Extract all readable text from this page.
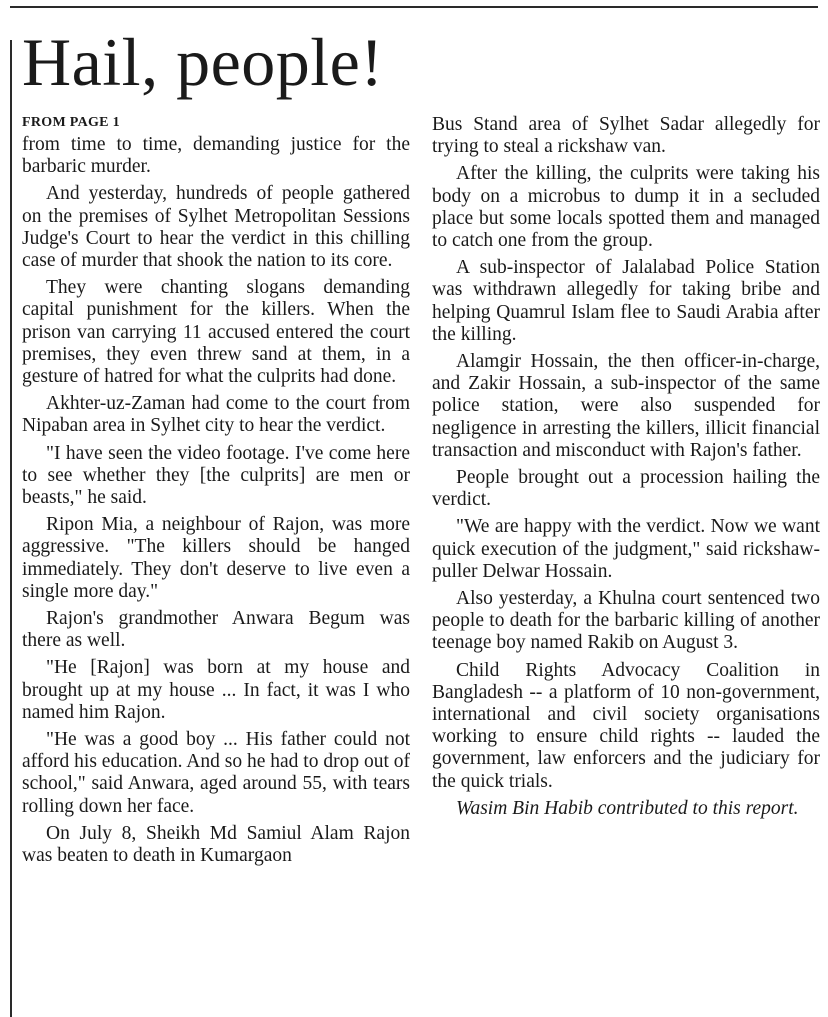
Hail, people!
FROM PAGE 1

from time to time, demanding justice for the barbaric murder.

And yesterday, hundreds of people gathered on the premises of Sylhet Metropolitan Sessions Judge's Court to hear the verdict in this chilling case of murder that shook the nation to its core.

They were chanting slogans demanding capital punishment for the killers. When the prison van carrying 11 accused entered the court premises, they even threw sand at them, in a gesture of hatred for what the culprits had done.

Akhter-uz-Zaman had come to the court from Nipaban area in Sylhet city to hear the verdict.

"I have seen the video footage. I've come here to see whether they [the culprits] are men or beasts," he said.

Ripon Mia, a neighbour of Rajon, was more aggressive. "The killers should be hanged immediately. They don't deserve to live even a single more day."

Rajon's grandmother Anwara Begum was there as well.

"He [Rajon] was born at my house and brought up at my house ... In fact, it was I who named him Rajon.

"He was a good boy ... His father could not afford his education. And so he had to drop out of school," said Anwara, aged around 55, with tears rolling down her face.

On July 8, Sheikh Md Samiul Alam Rajon was beaten to death in Kumargaon

Bus Stand area of Sylhet Sadar allegedly for trying to steal a rickshaw van.

After the killing, the culprits were taking his body on a microbus to dump it in a secluded place but some locals spotted them and managed to catch one from the group.

A sub-inspector of Jalalabad Police Station was withdrawn allegedly for taking bribe and helping Quamrul Islam flee to Saudi Arabia after the killing.

Alamgir Hossain, the then officer-in-charge, and Zakir Hossain, a sub-inspector of the same police station, were also suspended for negligence in arresting the killers, illicit financial transaction and misconduct with Rajon's father.

People brought out a procession hailing the verdict.

"We are happy with the verdict. Now we want quick execution of the judgment," said rickshaw-puller Delwar Hossain.

Also yesterday, a Khulna court sentenced two people to death for the barbaric killing of another teenage boy named Rakib on August 3.

Child Rights Advocacy Coalition in Bangladesh -- a platform of 10 non-government, international and civil society organisations working to ensure child rights -- lauded the government, law enforcers and the judiciary for the quick trials.

Wasim Bin Habib contributed to this report.
